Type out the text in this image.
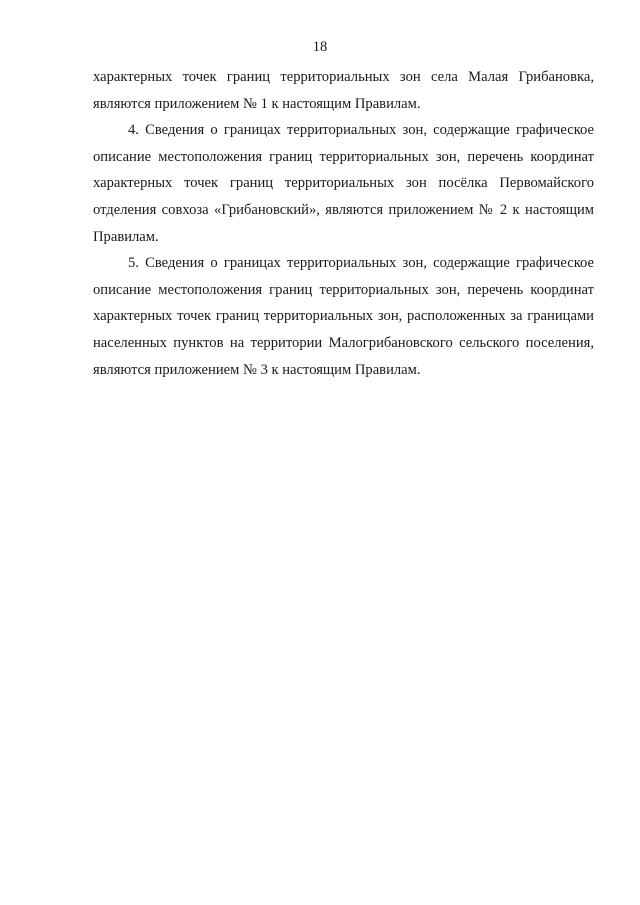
18

характерных точек границ территориальных зон села Малая Грибановка, являются приложением № 1 к настоящим Правилам.

4. Сведения о границах территориальных зон, содержащие графическое описание местоположения границ территориальных зон, перечень координат характерных точек границ территориальных зон посёлка Первомайского отделения совхоза «Грибановский», являются приложением № 2 к настоящим Правилам.

5. Сведения о границах территориальных зон, содержащие графическое описание местоположения границ территориальных зон, перечень координат характерных точек границ территориальных зон, расположенных за границами населенных пунктов на территории Малогрибановского сельского поселения, являются приложением № 3 к настоящим Правилам.
